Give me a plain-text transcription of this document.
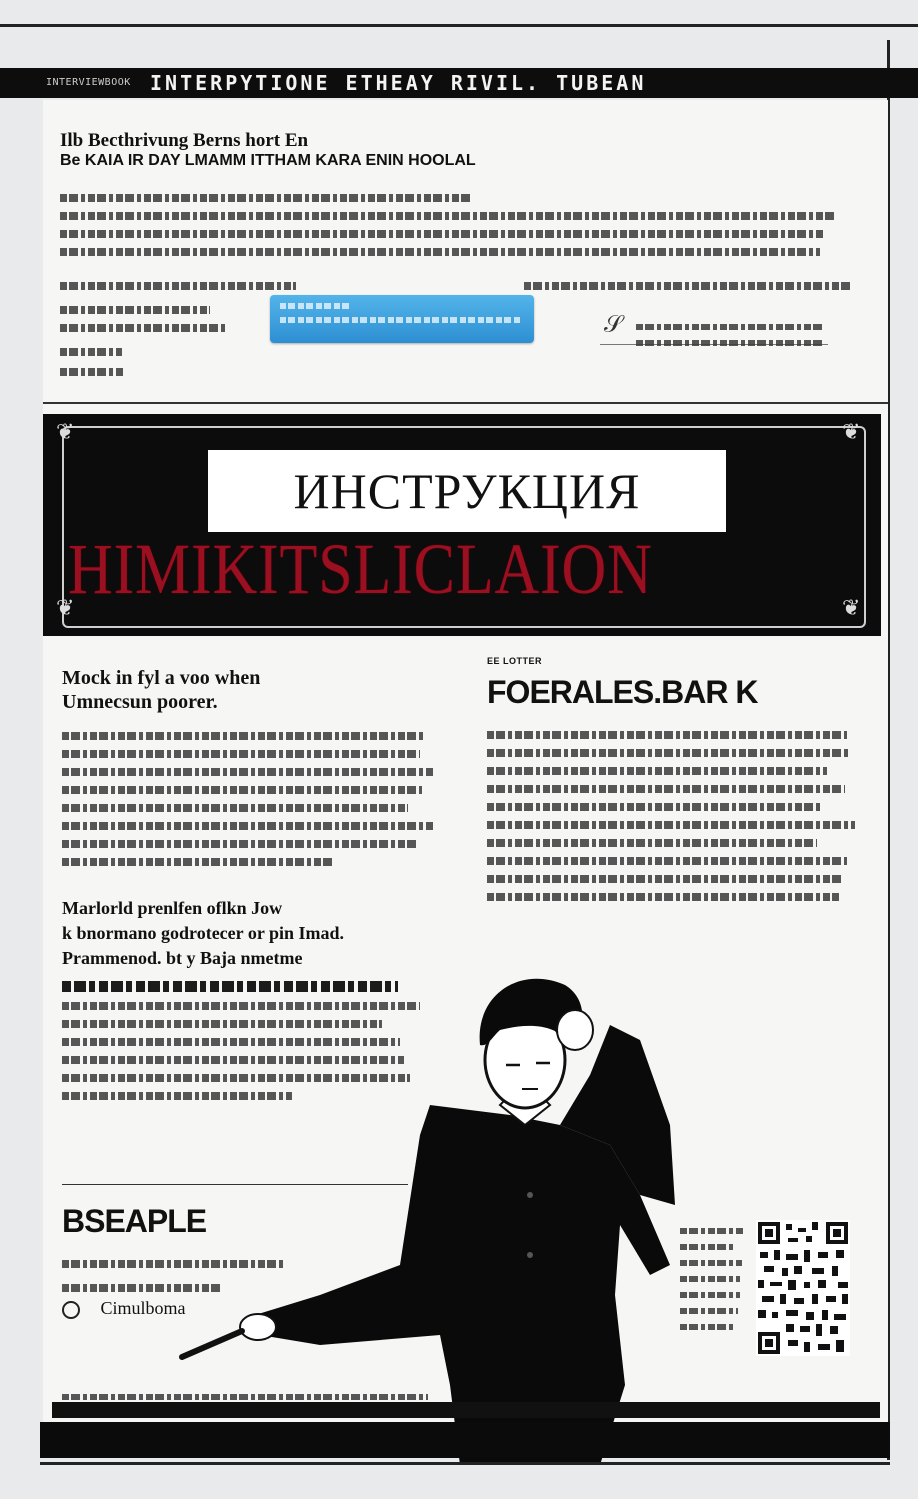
INTERVIEWBOOK INTERPYTIONE ETHEAY RIVIL. TUBEAN
Ilb Becthrivung Berns hort En
Be KAIA IR DAY LMAMM ITTHAM KARA ENIN HOOLAL
𝒮
❦	❦
❦	❦
ИНСТРУКЦИЯ
HIMIKITSLICLAION
Mock in fyl a voo when
Umnecsun poorer.
Marlorld prenlfen oflkn Jow
k bnormano godrotecer or pin Imad.
Prammenod. bt y Baja nmetme
EE LOTTER
FOERALES.BAR K
BSEAPLE
Cimulboma
